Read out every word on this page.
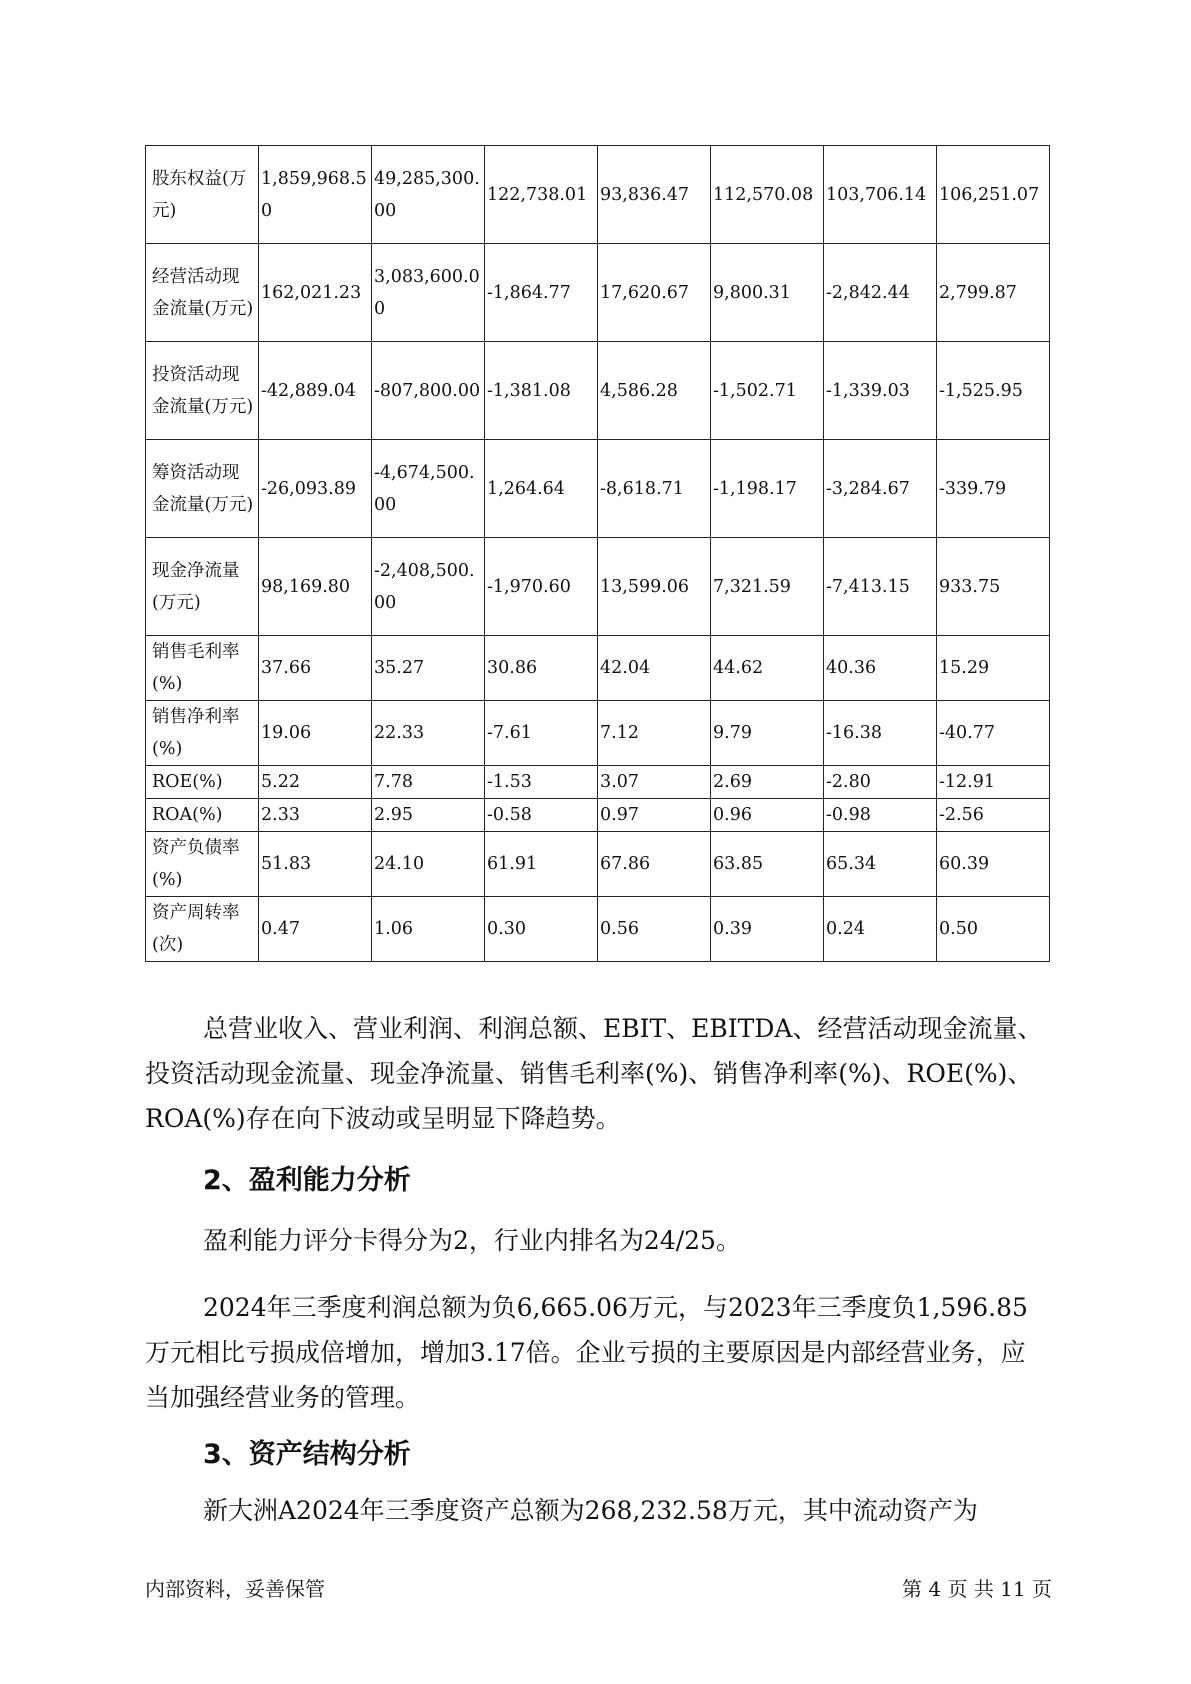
股东权益(万元)	1,859,968.50	49,285,300.00	122,738.01	93,836.47	112,570.08	103,706.14	106,251.07
经营活动现金流量(万元)	162,021.23	3,083,600.00	-1,864.77	17,620.67	9,800.31	-2,842.44	2,799.87
投资活动现金流量(万元)	-42,889.04	-807,800.00	-1,381.08	4,586.28	-1,502.71	-1,339.03	-1,525.95
筹资活动现金流量(万元)	-26,093.89	-4,674,500.00	1,264.64	-8,618.71	-1,198.17	-3,284.67	-339.79
现金净流量(万元)	98,169.80	-2,408,500.00	-1,970.60	13,599.06	7,321.59	-7,413.15	933.75
销售毛利率(%)	37.66	35.27	30.86	42.04	44.62	40.36	15.29
销售净利率(%)	19.06	22.33	-7.61	7.12	9.79	-16.38	-40.77
ROE(%)	5.22	7.78	-1.53	3.07	2.69	-2.80	-12.91
ROA(%)	2.33	2.95	-0.58	0.97	0.96	-0.98	-2.56
资产负债率(%)	51.83	24.10	61.91	67.86	63.85	65.34	60.39
资产周转率(次)	0.47	1.06	0.30	0.56	0.39	0.24	0.50

总营业收入、营业利润、利润总额、EBIT、EBITDA、经营活动现金流量、投资活动现金流量、现金净流量、销售毛利率(%)、销售净利率(%)、ROE(%)、ROA(%)存在向下波动或呈明显下降趋势。

2、盈利能力分析

盈利能力评分卡得分为2，行业内排名为24/25。

2024年三季度利润总额为负6,665.06万元，与2023年三季度负1,596.85万元相比亏损成倍增加，增加3.17倍。企业亏损的主要原因是内部经营业务，应当加强经营业务的管理。

3、资产结构分析

新大洲A2024年三季度资产总额为268,232.58万元，其中流动资产为

内部资料，妥善保管	第 4 页 共 11 页
